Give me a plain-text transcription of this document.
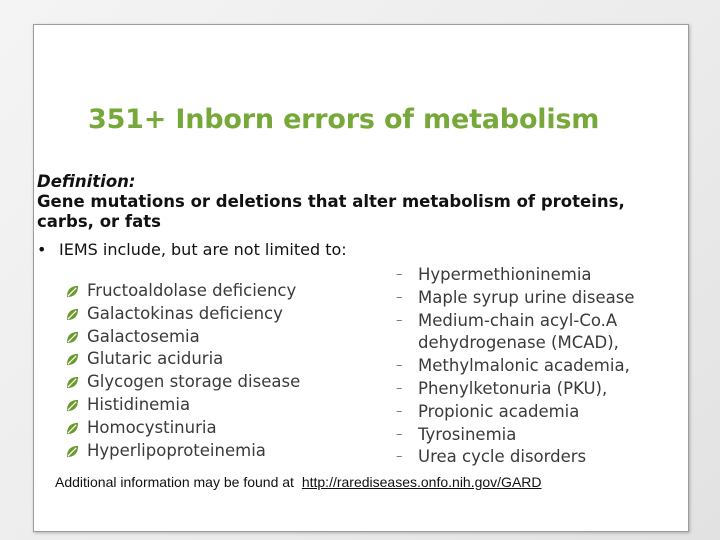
351+ Inborn errors of metabolism
Definition:
Gene mutations or deletions that alter metabolism of proteins, carbs, or fats
• IEMS include, but are not limited to:
Fructoaldolase deficiency
Galactokinas deficiency
Galactosemia
Glutaric aciduria
Glycogen storage disease
Histidinemia
Homocystinuria
Hyperlipoproteinemia
– Hypermethioninemia
– Maple syrup urine disease
– Medium-chain acyl-Co.A
dehydrogenase (MCAD),
– Methylmalonic academia,
– Phenylketonuria (PKU),
– Propionic academia
– Tyrosinemia
– Urea cycle disorders
Additional information may be found at http://rarediseases.onfo.nih.gov/GARD
